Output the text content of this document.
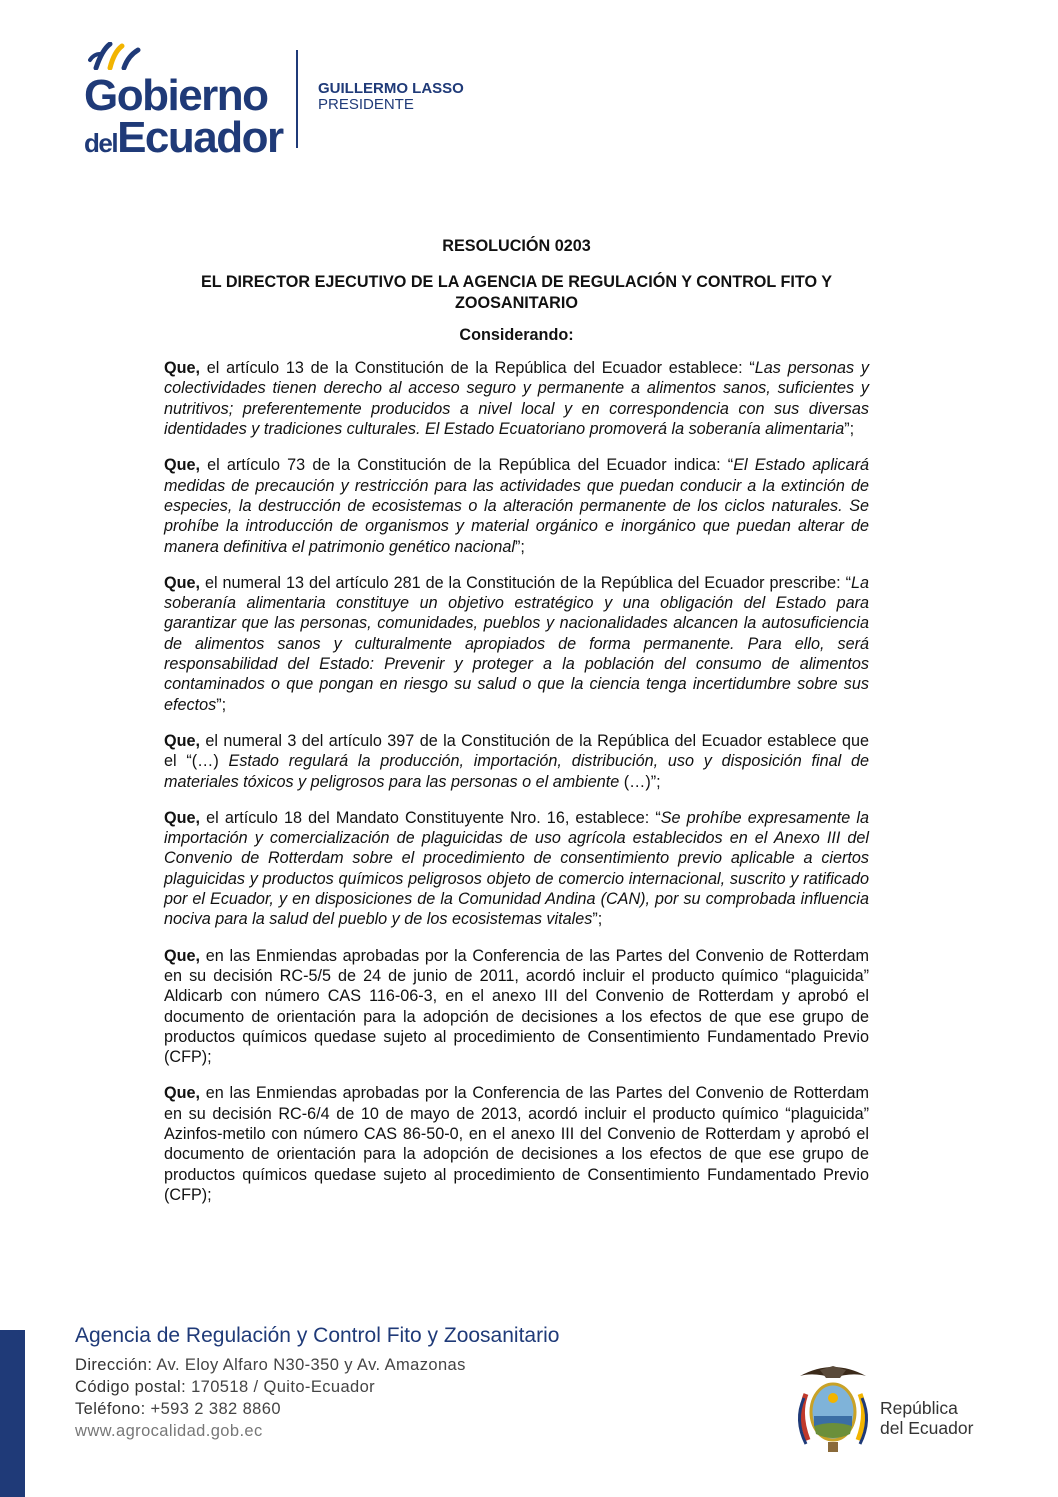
Gobierno
delEcuador
GUILLERMO LASSO
PRESIDENTE
RESOLUCIÓN 0203
EL DIRECTOR EJECUTIVO DE LA AGENCIA DE REGULACIÓN Y CONTROL FITO Y ZOOSANITARIO
Considerando:

Que, el artículo 13 de la Constitución de la República del Ecuador establece: “Las personas y colectividades tienen derecho al acceso seguro y permanente a alimentos sanos, suficientes y nutritivos; preferentemente producidos a nivel local y en correspondencia con sus diversas identidades y tradiciones culturales. El Estado Ecuatoriano promoverá la soberanía alimentaria”;

Que, el artículo 73 de la Constitución de la República del Ecuador indica: “El Estado aplicará medidas de precaución y restricción para las actividades que puedan conducir a la extinción de especies, la destrucción de ecosistemas o la alteración permanente de los ciclos naturales. Se prohíbe la introducción de organismos y material orgánico e inorgánico que puedan alterar de manera definitiva el patrimonio genético nacional”;

Que, el numeral 13 del artículo 281 de la Constitución de la República del Ecuador prescribe: “La soberanía alimentaria constituye un objetivo estratégico y una obligación del Estado para garantizar que las personas, comunidades, pueblos y nacionalidades alcancen la autosuficiencia de alimentos sanos y culturalmente apropiados de forma permanente. Para ello, será responsabilidad del Estado: Prevenir y proteger a la población del consumo de alimentos contaminados o que pongan en riesgo su salud o que la ciencia tenga incertidumbre sobre sus efectos”;

Que, el numeral 3 del artículo 397 de la Constitución de la República del Ecuador establece que el “(…) Estado regulará la producción, importación, distribución, uso y disposición final de materiales tóxicos y peligrosos para las personas o el ambiente (…)”;

Que, el artículo 18 del Mandato Constituyente Nro. 16, establece: “Se prohíbe expresamente la importación y comercialización de plaguicidas de uso agrícola establecidos en el Anexo III del Convenio de Rotterdam sobre el procedimiento de consentimiento previo aplicable a ciertos plaguicidas y productos químicos peligrosos objeto de comercio internacional, suscrito y ratificado por el Ecuador, y en disposiciones de la Comunidad Andina (CAN), por su comprobada influencia nociva para la salud del pueblo y de los ecosistemas vitales”;

Que, en las Enmiendas aprobadas por la Conferencia de las Partes del Convenio de Rotterdam en su decisión RC-5/5 de 24 de junio de 2011, acordó incluir el producto químico “plaguicida” Aldicarb con número CAS 116-06-3, en el anexo III del Convenio de Rotterdam y aprobó el documento de orientación para la adopción de decisiones a los efectos de que ese grupo de productos químicos quedase sujeto al procedimiento de Consentimiento Fundamentado Previo (CFP);

Que, en las Enmiendas aprobadas por la Conferencia de las Partes del Convenio de Rotterdam en su decisión RC-6/4 de 10 de mayo de 2013, acordó incluir el producto químico “plaguicida” Azinfos-metilo con número CAS 86-50-0, en el anexo III del Convenio de Rotterdam y aprobó el documento de orientación para la adopción de decisiones a los efectos de que ese grupo de productos químicos quedase sujeto al procedimiento de Consentimiento Fundamentado Previo (CFP);

Agencia de Regulación y Control Fito y Zoosanitario
Dirección: Av. Eloy Alfaro N30-350 y Av. Amazonas
Código postal: 170518 / Quito-Ecuador
Teléfono: +593 2 382 8860
www.agrocalidad.gob.ec
República
del Ecuador
